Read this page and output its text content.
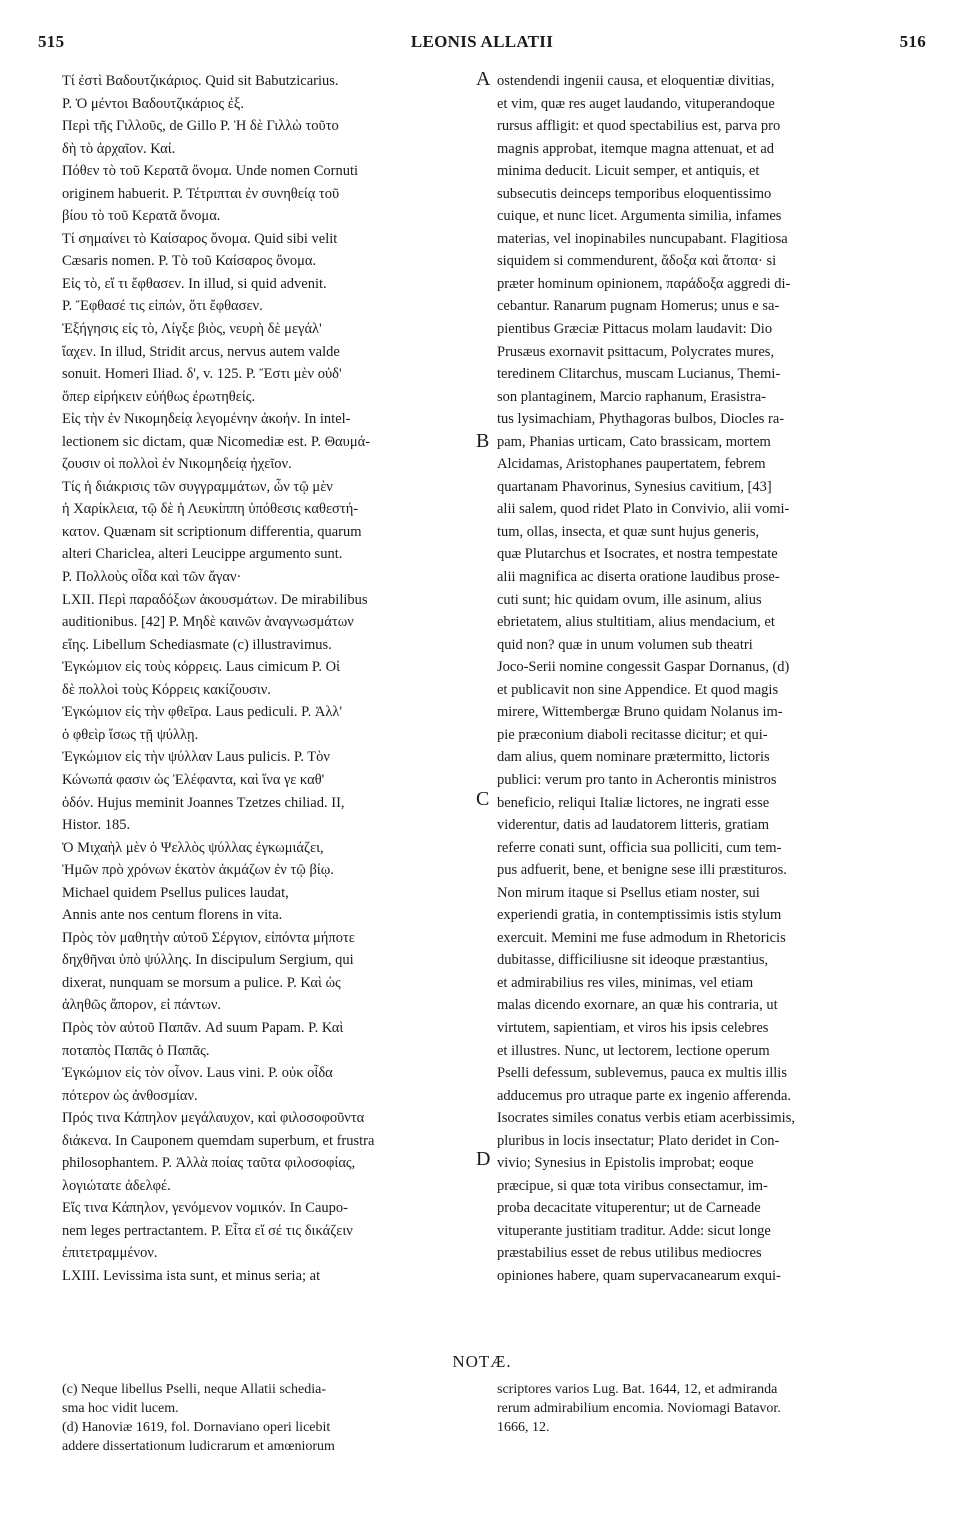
515	LEONIS ALLATII	516
Τί ἐστὶ Βαδουτζικάριος. Quid sit Babutzicarius.
Ρ. Ὁ μέντοι Βαδουτζικάριος ἐξ.
Περὶ τῆς Γιλλοῦς, de Gillo Ρ. Ἡ δὲ Γιλλὼ τοῦτο
δὴ τὸ ἀρχαῖον. Καί.
Πόθεν τὸ τοῦ Κερατᾶ ὄνομα. Unde nomen Cornuti
originem habuerit. Ρ. Τέτριπται ἐν συνηθείᾳ τοῦ
βίου τὸ τοῦ Κερατᾶ ὄνομα.
Τί σημαίνει τὸ Καίσαρος ὄνομα. Quid sibi velit
Cæsaris nomen. Ρ. Τὸ τοῦ Καίσαρος ὄνομα.
Εἰς τὸ, εἴ τι ἔφθασεν. In illud, si quid advenit.
Ρ. Ἔφθασέ τις εἰπών, ὅτι ἔφθασεν.
Ἐξήγησις εἰς τὸ, Λίγξε βιὸς, νευρὴ δὲ μεγάλ'
ἴαχεν. In illud, Stridit arcus, nervus autem valde
sonuit. Homeri Iliad. δ', v. 125. Ρ. Ἔστι μὲν οὐδ'
ὅπερ εἰρήκειν εὐήθως ἐρωτηθείς.
Εἰς τὴν ἐν Νικομηδείᾳ λεγομένην ἀκοήν. In intel-
lectionem sic dictam, quæ Nicomediæ est. Ρ. Θαυμά-
ζουσιν οἱ πολλοὶ ἐν Νικομηδείᾳ ἠχεῖον.
Τίς ἡ διάκρισις τῶν συγγραμμάτων, ὧν τῷ μὲν
ἡ Χαρίκλεια, τῷ δὲ ἡ Λευκίππη ὑπόθεσις καθεστή-
κατον. Quænam sit scriptionum differentia, quarum
alteri Chariclea, alteri Leucippe argumento sunt.
Ρ. Πολλοὺς οἶδα καὶ τῶν ἄγαν·
LXII. Περὶ παραδόξων ἀκουσμάτων. De mirabilibus
auditionibus. [42] Ρ. Μηδὲ καινῶν ἀναγνωσμάτων
εἴης. Libellum Schediasmate (c) illustravimus.
Ἐγκώμιον εἰς τοὺς κόρρεις. Laus cimicum Ρ. Οἱ
δὲ πολλοὶ τοὺς Κόρρεις κακίζουσιν.
Ἐγκώμιον εἰς τὴν φθεῖρα. Laus pediculi. Ρ. Ἀλλ'
ὁ φθεὶρ ἴσως τῇ ψύλλῃ.
Ἐγκώμιον εἰς τὴν ψύλλαν Laus pulicis. Ρ. Τὸν
Κώνωπά φασιν ὡς Ἐλέφαντα, καὶ ἵνα γε καθ'
ὁδόν. Hujus meminit Joannes Tzetzes chiliad. II,
Histor. 185.
Ὁ Μιχαὴλ μὲν ὁ Ψελλὸς ψύλλας ἐγκωμιάζει,
Ἠμῶν πρὸ χρόνων ἑκατὸν ἀκμάζων ἐν τῷ βίῳ.
Michael quidem Psellus pulices laudat,
Annis ante nos centum florens in vita.
Πρὸς τὸν μαθητὴν αὐτοῦ Σέργιον, εἰπόντα μήποτε
δηχθῆναι ὑπὸ ψύλλης. In discipulum Sergium, qui
dixerat, nunquam se morsum a pulice. Ρ. Καὶ ὡς
ἀληθῶς ἄπορον, εἰ πάντων.
Πρὸς τὸν αὐτοῦ Παπᾶν. Ad suum Papam. Ρ. Καὶ
ποταπὸς Παπᾶς ὁ Παπᾶς.
Ἐγκώμιον εἰς τὸν οἶνον. Laus vini. Ρ. οὐκ οἶδα
πότερον ὡς ἀνθοσμίαν.
Πρός τινα Κάπηλον μεγάλαυχον, καὶ φιλοσοφοῦντα
διάκενα. In Cauponem quemdam superbum, et frustra
philosophantem. Ρ. Ἀλλὰ ποίας ταῦτα φιλοσοφίας,
λογιώτατε ἀδελφέ.
Εἴς τινα Κάπηλον, γενόμενον νομικόν. In Caupo-
nem leges pertractantem. Ρ. Εἶτα εἴ σέ τις δικάζειν
ἐπιτετραμμένον.
LXIII. Levissima ista sunt, et minus seria; at
ostendendi ingenii causa, et eloquentiæ divitias,
et vim, quæ res auget laudando, vituperandoque
rursus affligit: et quod spectabilius est, parva pro
magnis approbat, itemque magna attenuat, et ad
minima deducit. Licuit semper, et antiquis, et
subsecutis deinceps temporibus eloquentissimo
cuique, et nunc licet. Argumenta similia, infames
materias, vel inopinabiles nuncupabant. Flagitiosa
siquidem si commendurent, ἄδοξα καὶ ἄτοπα· si
præter hominum opinionem, παράδοξα aggredi di-
cebantur. Ranarum pugnam Homerus; unus e sa-
pientibus Græciæ Pittacus molam laudavit: Dio
Prusæus exornavit psittacum, Polycrates mures,
teredinem Clitarchus, muscam Lucianus, Themi-
son plantaginem, Marcio raphanum, Erasistra-
tus lysimachiam, Phythagoras bulbos, Diocles ra-
pam, Phanias urticam, Cato brassicam, mortem
Alcidamas, Aristophanes paupertatem, febrem
quartanam Phavorinus, Synesius cavitium, [43]
alii salem, quod ridet Plato in Convivio, alii vomi-
tum, ollas, insecta, et quæ sunt hujus generis,
quæ Plutarchus et Isocrates, et nostra tempestate
alii magnifica ac diserta oratione laudibus prose-
cuti sunt; hic quidam ovum, ille asinum, alius
ebrietatem, alius stultitiam, alius mendacium, et
quid non? quæ in unum volumen sub theatri
Joco-Serii nomine congessit Gaspar Dornanus, (d)
et publicavit non sine Appendice. Et quod magis
mirere, Wittembergæ Bruno quidam Nolanus im-
pie præconium diaboli recitasse dicitur; et qui-
dam alius, quem nominare prætermitto, lictoris
publici: verum pro tanto in Acherontis ministros
beneficio, reliqui Italiæ lictores, ne ingrati esse
viderentur, datis ad laudatorem litteris, gratiam
referre conati sunt, officia sua polliciti, cum tem-
pus adfuerit, bene, et benigne sese illi præstituros.
Non mirum itaque si Psellus etiam noster, sui
experiendi gratia, in contemptissimis istis stylum
exercuit. Memini me fuse admodum in Rhetoricis
dubitasse, difficiliusne sit ideoque præstantius,
et admirabilius res viles, minimas, vel etiam
malas dicendo exornare, an quæ his contraria, ut
virtutem, sapientiam, et viros his ipsis celebres
et illustres. Nunc, ut lectorem, lectione operum
Pselli defessum, sublevemus, pauca ex multis illis
adducemus pro utraque parte ex ingenio afferenda.
Isocrates similes conatus verbis etiam acerbissimis,
pluribus in locis insectatur; Plato deridet in Con-
vivio; Synesius in Epistolis improbat; eoque
præcipue, si quæ tota viribus consectamur, im-
proba decacitate vituperentur; ut de Carneade
vituperante justitiam traditur. Adde: sicut longe
præstabilius esset de rebus utilibus mediocres
opiniones habere, quam supervacanearum exqui-
A
B
C
D
NOTÆ.
(c) Neque libellus Pselli, neque Allatii schedia-
sma hoc vidit lucem.
(d) Hanoviæ 1619, fol. Dornaviano operi licebit
addere dissertationum ludicrarum et amœniorum
scriptores varios Lug. Bat. 1644, 12, et admiranda
rerum admirabilium encomia. Noviomagi Batavor.
1666, 12.
